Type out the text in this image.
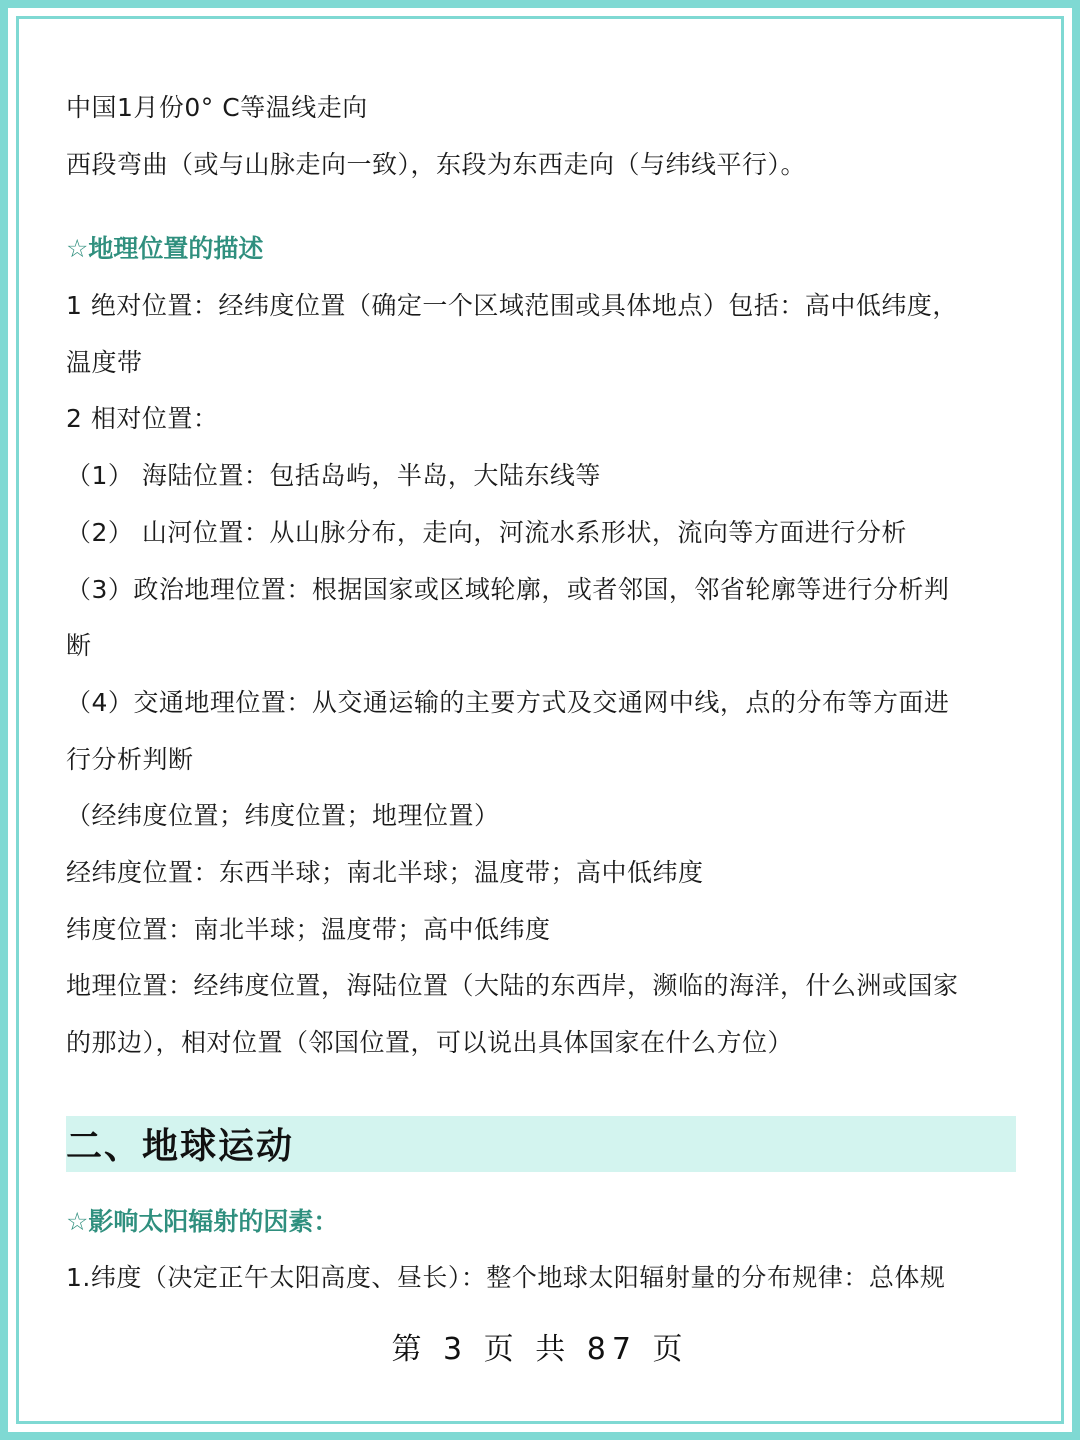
中国1月份0° C等温线走向
西段弯曲（或与山脉走向一致），东段为东西走向（与纬线平行）。
☆地理位置的描述
1 绝对位置：经纬度位置（确定一个区域范围或具体地点）包括：高中低纬度，
温度带
2 相对位置：
（1） 海陆位置：包括岛屿，半岛，大陆东线等
（2） 山河位置：从山脉分布，走向，河流水系形状，流向等方面进行分析
（3）政治地理位置：根据国家或区域轮廓，或者邻国，邻省轮廓等进行分析判
断
（4）交通地理位置：从交通运输的主要方式及交通网中线，点的分布等方面进
行分析判断
（经纬度位置；纬度位置；地理位置）
经纬度位置：东西半球；南北半球；温度带；高中低纬度
纬度位置：南北半球；温度带；高中低纬度
地理位置：经纬度位置，海陆位置（大陆的东西岸，濒临的海洋，什么洲或国家
的那边），相对位置（邻国位置，可以说出具体国家在什么方位）
二、地球运动
☆影响太阳辐射的因素：
1.纬度（决定正午太阳高度、昼长）：整个地球太阳辐射量的分布规律：总体规
第 3 页 共 87 页
